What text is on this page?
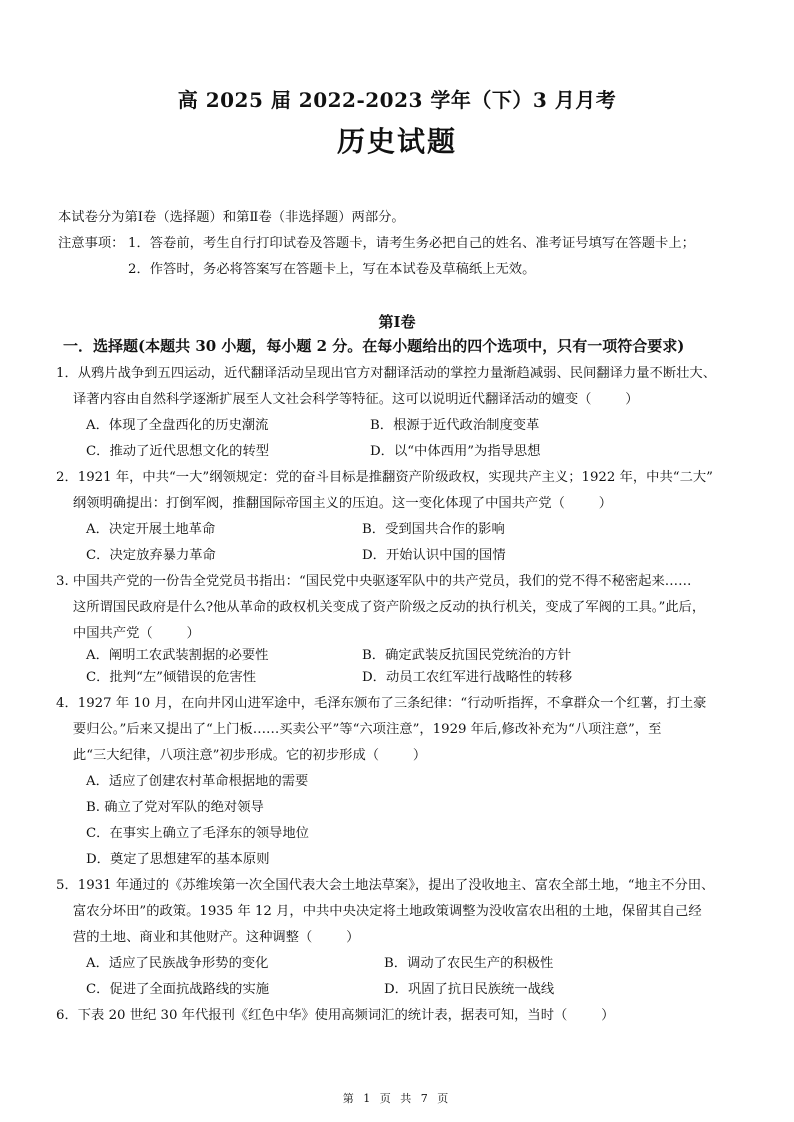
高 2025 届 2022-2023 学年（下）3 月月考
历史试题
本试卷分为第Ⅰ卷（选择题）和第Ⅱ卷（非选择题）两部分。
注意事项： 1．答卷前，考生自行打印试卷及答题卡，请考生务必把自己的姓名、准考证号填写在答题卡上；
2．作答时，务必将答案写在答题卡上，写在本试卷及草稿纸上无效。
第Ⅰ卷
一．选择题(本题共 30 小题，每小题 2 分。在每小题给出的四个选项中，只有一项符合要求)
1．从鸦片战争到五四运动，近代翻译活动呈现出官方对翻译活动的掌控力量渐趋减弱、民间翻译力量不断壮大、
译著内容由自然科学逐渐扩展至人文社会科学等特征。这可以说明近代翻译活动的嬗变（        ）
A．体现了全盘西化的历史潮流	B．根源于近代政治制度变革
C．推动了近代思想文化的转型	D．以“中体西用”为指导思想
2．1921 年，中共“一大”纲领规定：党的奋斗目标是推翻资产阶级政权，实现共产主义；1922 年，中共“二大”
纲领明确提出：打倒军阀，推翻国际帝国主义的压迫。这一变化体现了中国共产党（        ）
A．决定开展土地革命	B．受到国共合作的影响
C．决定放弃暴力革命	D．开始认识中国的国情
3. 中国共产党的一份告全党党员书指出：“国民党中央驱逐军队中的共产党员，我们的党不得不秘密起来……
这所谓国民政府是什么?他从革命的政权机关变成了资产阶级之反动的执行机关，变成了军阀的工具。”此后，
中国共产党（        ）
A．阐明工农武装割据的必要性	B．确定武装反抗国民党统治的方针
C．批判“左”倾错误的危害性	D．动员工农红军进行战略性的转移
4．1927 年 10 月，在向井冈山进军途中，毛泽东颁布了三条纪律：“行动听指挥，不拿群众一个红薯，打土豪
要归公。”后来又提出了“上门板……买卖公平”等“六项注意”，1929 年后,修改补充为“八项注意”，至
此“三大纪律，八项注意”初步形成。它的初步形成（        ）
A．适应了创建农村革命根据地的需要
B. 确立了党对军队的绝对领导
C．在事实上确立了毛泽东的领导地位
D．奠定了思想建军的基本原则
5．1931 年通过的《苏维埃第一次全国代表大会土地法草案》，提出了没收地主、富农全部土地，“地主不分田、
富农分坏田”的政策。1935 年 12 月，中共中央决定将土地政策调整为没收富农出租的土地，保留其自己经
营的土地、商业和其他财产。这种调整（        ）
A．适应了民族战争形势的变化	B．调动了农民生产的积极性
C．促进了全面抗战路线的实施	D．巩固了抗日民族统一战线
6．下表 20 世纪 30 年代报刊《红色中华》使用高频词汇的统计表，据表可知，当时（        ）
第 1 页 共 7 页
